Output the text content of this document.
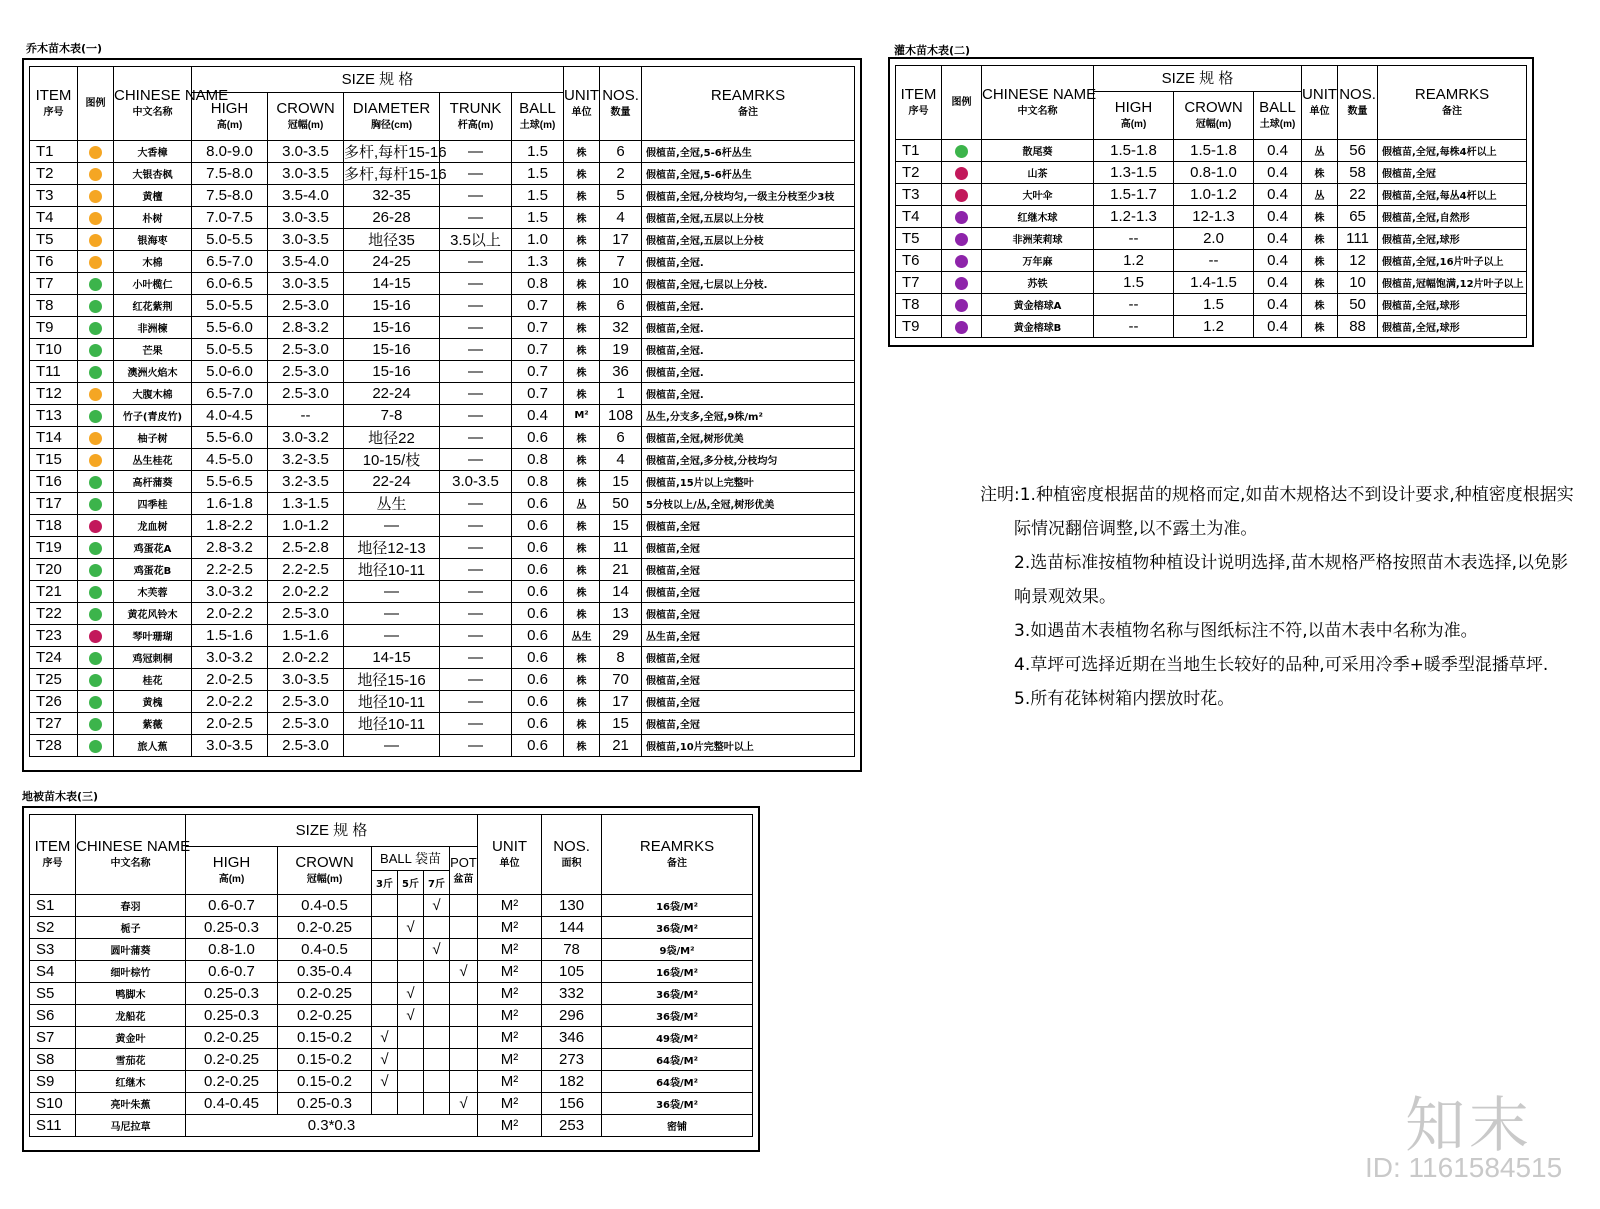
乔木苗木表(一)
ITEM
序号	图例	CHINESE NAME
中文名称	SIZE 规 格					UNIT
单位	NOS.
数量	REAMRKS
备注

			HIGH
高(m)	CROWN
冠幅(m)	DIAMETER
胸径(cm)	TRUNK
杆高(m)	BALL
土球(m)			

T1		大香樟	8.0-9.0	3.0-3.5	多杆,每杆15-16	—	1.5	株	6	假植苗,全冠,5-6杆丛生
T2		大银杏枫	7.5-8.0	3.0-3.5	多杆,每杆15-16	—	1.5	株	2	假植苗,全冠,5-6杆丛生
T3		黄檀	7.5-8.0	3.5-4.0	32-35	—	1.5	株	5	假植苗,全冠,分枝均匀,一级主分枝至少3枝
T4		朴树	7.0-7.5	3.0-3.5	26-28	—	1.5	株	4	假植苗,全冠,五层以上分枝
T5		银海枣	5.0-5.5	3.0-3.5	地径35	3.5以上	1.0	株	17	假植苗,全冠,五层以上分枝
T6		木棉	6.5-7.0	3.5-4.0	24-25	—	1.3	株	7	假植苗,全冠.
T7		小叶榄仁	6.0-6.5	3.0-3.5	14-15	—	0.8	株	10	假植苗,全冠,七层以上分枝.
T8		红花紫荆	5.0-5.5	2.5-3.0	15-16	—	0.7	株	6	假植苗,全冠.
T9		非洲楝	5.5-6.0	2.8-3.2	15-16	—	0.7	株	32	假植苗,全冠.
T10		芒果	5.0-5.5	2.5-3.0	15-16	—	0.7	株	19	假植苗,全冠.
T11		澳洲火焰木	5.0-6.0	2.5-3.0	15-16	—	0.7	株	36	假植苗,全冠.
T12		大腹木棉	6.5-7.0	2.5-3.0	22-24	—	0.7	株	1	假植苗,全冠.
T13		竹子(青皮竹)	4.0-4.5	--	7-8	—	0.4	M²	108	丛生,分支多,全冠,9株/m²
T14		柚子树	5.5-6.0	3.0-3.2	地径22	—	0.6	株	6	假植苗,全冠,树形优美
T15		丛生桂花	4.5-5.0	3.2-3.5	10-15/枝	—	0.8	株	4	假植苗,全冠,多分枝,分枝均匀
T16		高杆蒲葵	5.5-6.5	3.2-3.5	22-24	3.0-3.5	0.8	株	15	假植苗,15片以上完整叶
T17		四季桂	1.6-1.8	1.3-1.5	丛生	—	0.6	丛	50	5分枝以上/丛,全冠,树形优美
T18		龙血树	1.8-2.2	1.0-1.2	—	—	0.6	株	15	假植苗,全冠
T19		鸡蛋花A	2.8-3.2	2.5-2.8	地径12-13	—	0.6	株	11	假植苗,全冠
T20		鸡蛋花B	2.2-2.5	2.2-2.5	地径10-11	—	0.6	株	21	假植苗,全冠
T21		木芙蓉	3.0-3.2	2.0-2.2	—	—	0.6	株	14	假植苗,全冠
T22		黄花风铃木	2.0-2.2	2.5-3.0	—	—	0.6	株	13	假植苗,全冠
T23		琴叶珊瑚	1.5-1.6	1.5-1.6	—	—	0.6	丛生	29	丛生苗,全冠
T24		鸡冠刺桐	3.0-3.2	2.0-2.2	14-15	—	0.6	株	8	假植苗,全冠
T25		桂花	2.0-2.5	3.0-3.5	地径15-16	—	0.6	株	70	假植苗,全冠
T26		黄槐	2.0-2.2	2.5-3.0	地径10-11	—	0.6	株	17	假植苗,全冠
T27		紫薇	2.0-2.5	2.5-3.0	地径10-11	—	0.6	株	15	假植苗,全冠
T28		旅人蕉	3.0-3.5	2.5-3.0	—	—	0.6	株	21	假植苗,10片完整叶以上
灌木苗木表(二)
ITEM
序号	图例	CHINESE NAME
中文名称	SIZE 规 格			UNIT
单位	NOS.
数量	REAMRKS
备注

			HIGH
高(m)	CROWN
冠幅(m)	BALL
土球(m)			

T1		散尾葵	1.5-1.8	1.5-1.8	0.4	丛	56	假植苗,全冠,每株4杆以上
T2		山茶	1.3-1.5	0.8-1.0	0.4	株	58	假植苗,全冠
T3		大叶伞	1.5-1.7	1.0-1.2	0.4	丛	22	假植苗,全冠,每丛4杆以上
T4		红继木球	1.2-1.3	12-1.3	0.4	株	65	假植苗,全冠,自然形
T5		非洲茉莉球	--	2.0	0.4	株	111	假植苗,全冠,球形
T6		万年麻	1.2	--	0.4	株	12	假植苗,全冠,16片叶子以上
T7		苏铁	1.5	1.4-1.5	0.4	株	10	假植苗,冠幅饱满,12片叶子以上
T8		黄金榕球A	--	1.5	0.4	株	50	假植苗,全冠,球形
T9		黄金榕球B	--	1.2	0.4	株	88	假植苗,全冠,球形

注明:1.种植密度根据苗的规格而定,如苗木规格达不到设计要求,种植密度根据实

际情况翻倍调整,以不露土为准。

2.选苗标准按植物种植设计说明选择,苗木规格严格按照苗木表选择,以免影

响景观效果。

3.如遇苗木表植物名称与图纸标注不符,以苗木表中名称为准。

4.草坪可选择近期在当地生长较好的品种,可采用冷季+暖季型混播草坪.

5.所有花钵树箱内摆放时花。

地被苗木表(三)
ITEM
序号	CHINESE NAME
中文名称	SIZE 规 格						UNIT
单位	NOS.
面积	REAMRKS
备注

		HIGH
高(m)	CROWN
冠幅(m)	BALL 袋苗			POT
盆苗			

				3斤	5斤	7斤				
S1	春羽	0.6-0.7	0.4-0.5			√		M²	130	16袋/M²
S2	栀子	0.25-0.3	0.2-0.25		√			M²	144	36袋/M²
S3	圆叶蒲葵	0.8-1.0	0.4-0.5			√		M²	78	9袋/M²
S4	细叶棕竹	0.6-0.7	0.35-0.4				√	M²	105	16袋/M²
S5	鸭脚木	0.25-0.3	0.2-0.25		√			M²	332	36袋/M²
S6	龙船花	0.25-0.3	0.2-0.25		√			M²	296	36袋/M²
S7	黄金叶	0.2-0.25	0.15-0.2	√				M²	346	49袋/M²
S8	雪茄花	0.2-0.25	0.15-0.2	√				M²	273	64袋/M²
S9	红继木	0.2-0.25	0.15-0.2	√				M²	182	64袋/M²
S10	亮叶朱蕉	0.4-0.45	0.25-0.3				√	M²	156	36袋/M²
S11	马尼拉草	0.3*0.3						M²	253	密铺	知末
ID: 1161584515
